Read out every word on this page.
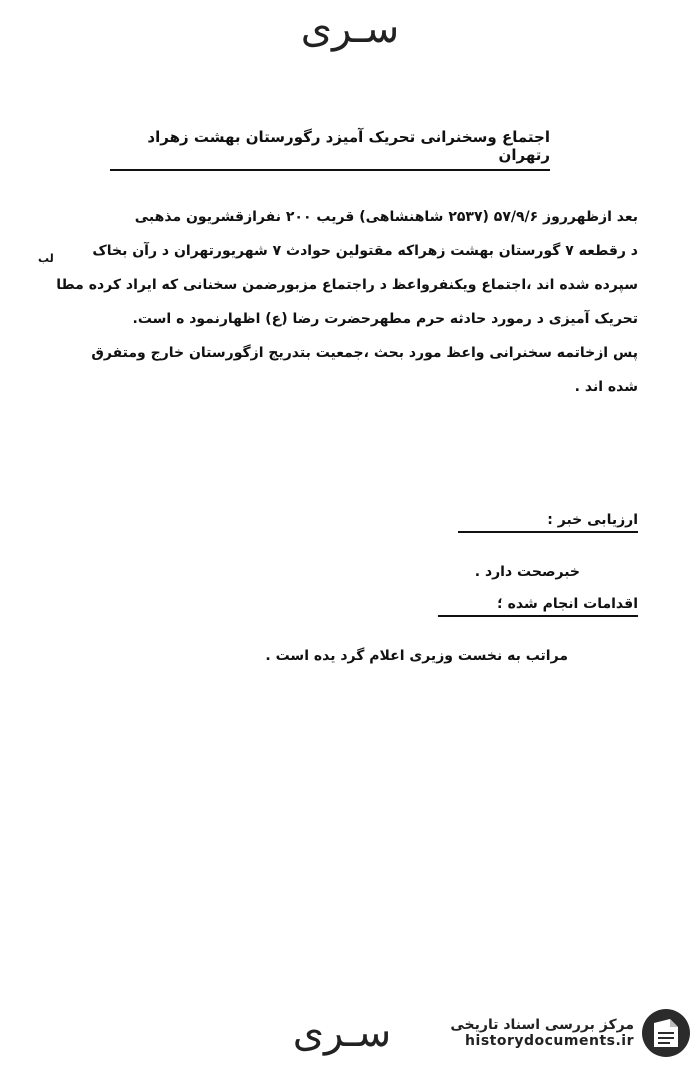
سـری
اجتماع وسخنرانی تحریک آمیزد رگورستان بهشت زهراد رتهران

بعد ازظهرروز ۵۷/۹/۶ (۲۵۳۷ شاهنشاهی) قریب ۲۰۰ نفرازقشریون مذهبی

د رقطعه ۷ گورستان بهشت زهراکه مقتولین حوادث ۷ شهریورتهران د رآن بخاک

سپرده شده اند ،اجتماع ویکنفرواعظ د راجتماع مزبورضمن سخنانی که ایراد کرده مطا

تحریک آمیزی د رمورد حادثه حرم مطهرحضرت رضا (ع) اظهارنمود ه است.

پس ازخاتمه سخنرانی واعظ مورد بحث ،جمعیت بتدریج ازگورستان خارج ومتفرق

شده اند .

لب
ارزیابی خبر :
خبرصحت دارد .
اقدامات انجام شده ؛
مراتب به نخست وزیری اعلام گرد یده است .
سـری	مرکز بررسی اسناد تاریخی
historydocuments.ir
